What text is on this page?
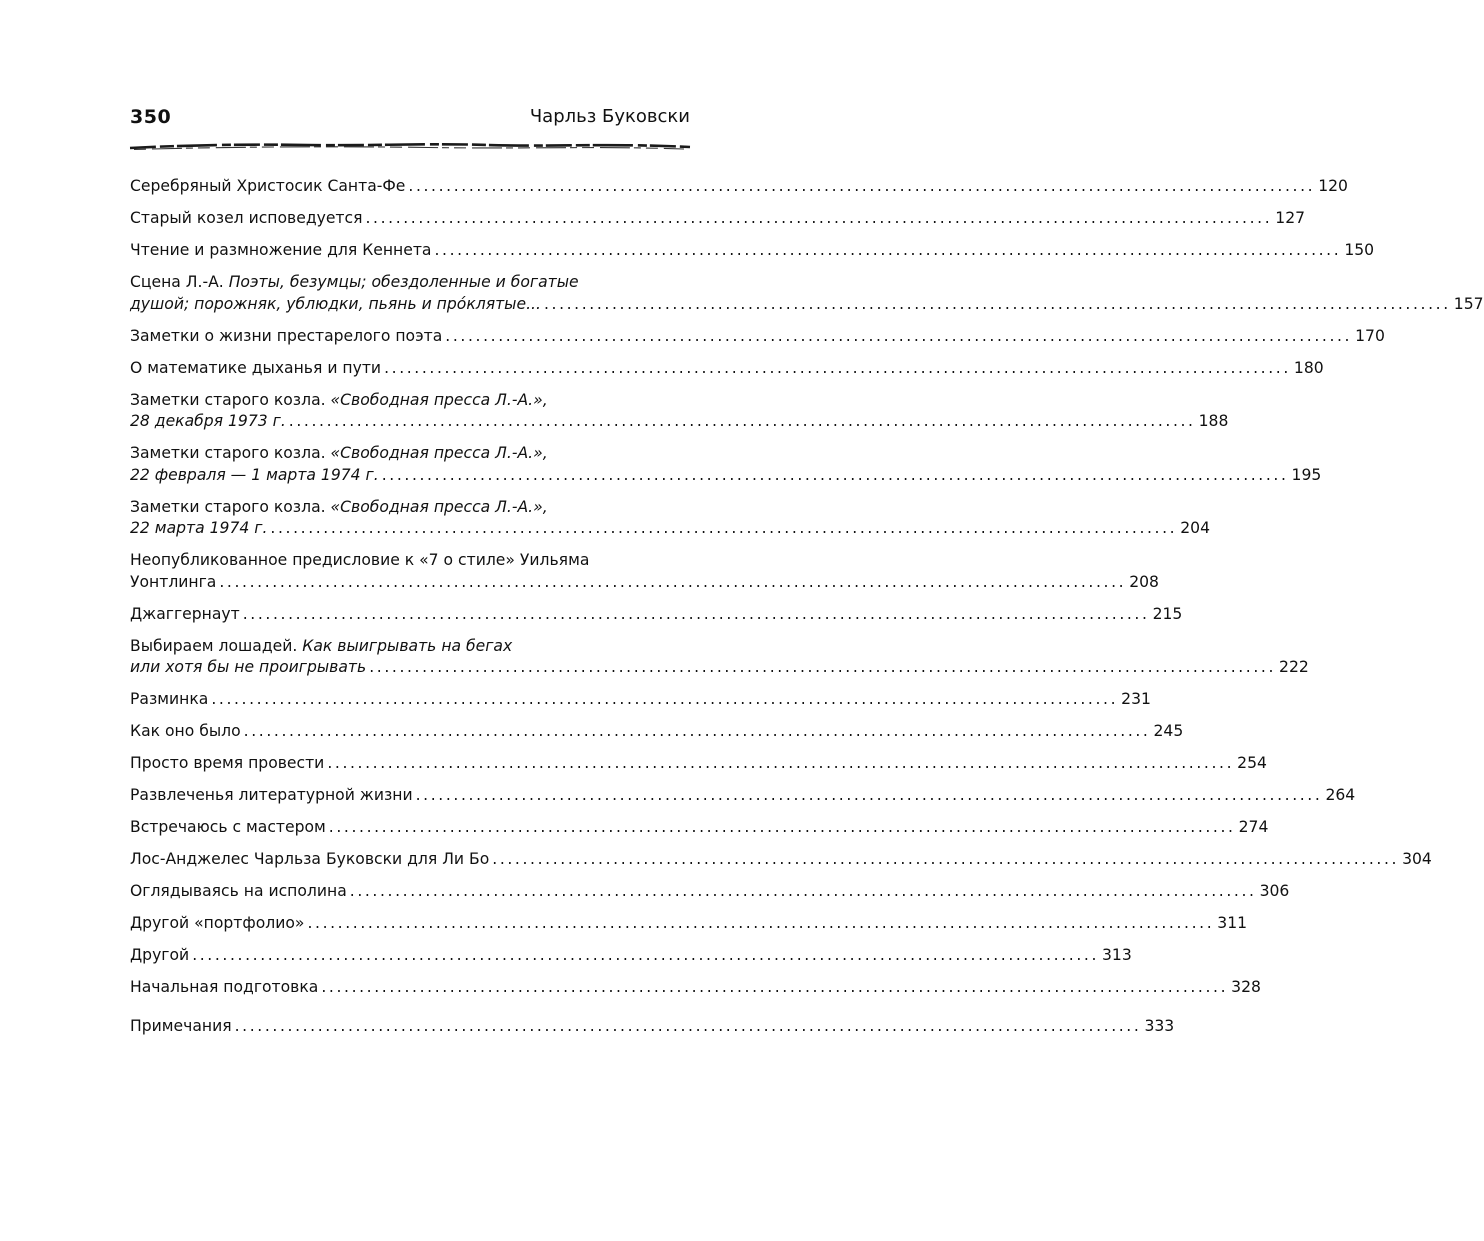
350	Чарльз Буковски
Серебряный Христосик Санта-Фе ........................................................................................................................ 120
Старый козел исповедуется ........................................................................................................................ 127
Чтение и размножение для Кеннета ........................................................................................................................ 150
Сцена Л.-А. Поэты, безумцы; обездоленные и богатые
душой; порожняк, ублюдки, пьянь и про́клятые... ........................................................................................................................ 157
Заметки о жизни престарелого поэта ........................................................................................................................ 170
О математике дыханья и пути ........................................................................................................................ 180
Заметки старого козла. «Свободная пресса Л.-А.»,
28 декабря 1973 г. ........................................................................................................................ 188
Заметки старого козла. «Свободная пресса Л.-А.»,
22 февраля — 1 марта 1974 г. ........................................................................................................................ 195
Заметки старого козла. «Свободная пресса Л.-А.»,
22 марта 1974 г. ........................................................................................................................ 204
Неопубликованное предисловие к «7 о стиле» Уильяма
Уонтлинга ........................................................................................................................ 208
Джаггернаут ........................................................................................................................ 215
Выбираем лошадей. Как выигрывать на бегах
или хотя бы не проигрывать ........................................................................................................................ 222
Разминка ........................................................................................................................ 231
Как оно было ........................................................................................................................ 245
Просто время провести ........................................................................................................................ 254
Развлеченья литературной жизни ........................................................................................................................ 264
Встречаюсь с мастером ........................................................................................................................ 274
Лос-Анджелес Чарльза Буковски для Ли Бо ........................................................................................................................ 304
Оглядываясь на исполина ........................................................................................................................ 306
Другой «портфолио» ........................................................................................................................ 311
Другой ........................................................................................................................ 313
Начальная подготовка ........................................................................................................................ 328
Примечания ........................................................................................................................ 333
